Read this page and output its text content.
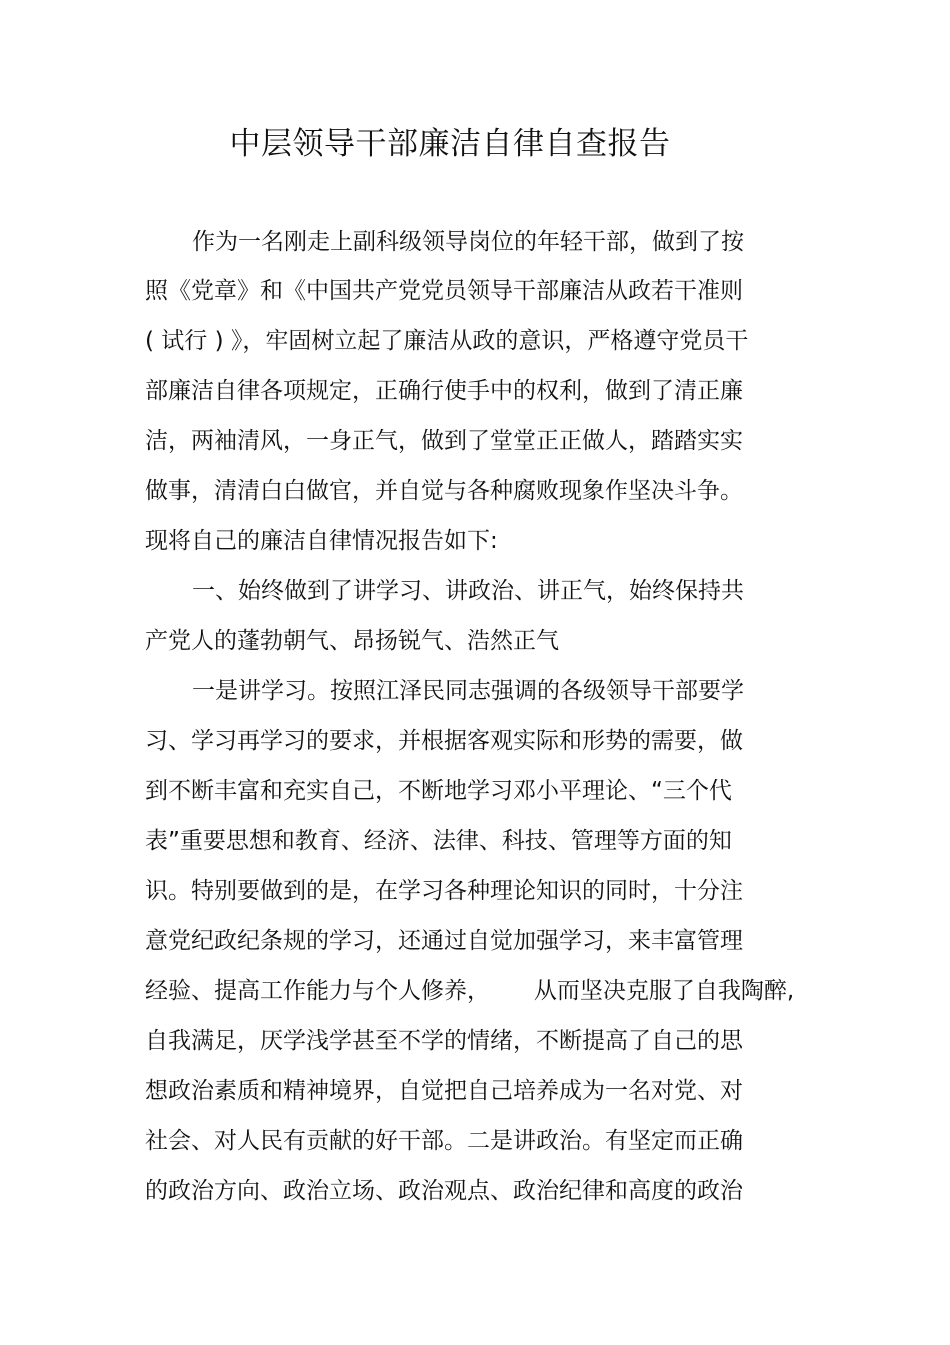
中层领导干部廉洁自律自查报告

作为一名刚走上副科级领导岗位的年轻干部，做到了按

照《党章》和《中国共产党党员领导干部廉洁从政若干准则

( 试行 ) 》，牢固树立起了廉洁从政的意识，严格遵守党员干

部廉洁自律各项规定，正确行使手中的权利，做到了清正廉

洁，两袖清风，一身正气，做到了堂堂正正做人，踏踏实实

做事，清清白白做官，并自觉与各种腐败现象作坚决斗争。

现将自己的廉洁自律情况报告如下:

一、始终做到了讲学习、讲政治、讲正气，始终保持共

产党人的蓬勃朝气、昂扬锐气、浩然正气

一是讲学习。按照江泽民同志强调的各级领导干部要学

习、学习再学习的要求，并根据客观实际和形势的需要，做

到不断丰富和充实自己，不断地学习邓小平理论、“三个代

表”重要思想和教育、经济、法律、科技、管理等方面的知

识。特别要做到的是，在学习各种理论知识的同时，十分注

意党纪政纪条规的学习，还通过自觉加强学习，来丰富管理

经验、提高工作能力与个人修养，      从而坚决克服了自我陶醉,

自我满足，厌学浅学甚至不学的情绪，不断提高了自己的思

想政治素质和精神境界，自觉把自己培养成为一名对党、对

社会、对人民有贡献的好干部。二是讲政治。有坚定而正确

的政治方向、政治立场、政治观点、政治纪律和高度的政治
